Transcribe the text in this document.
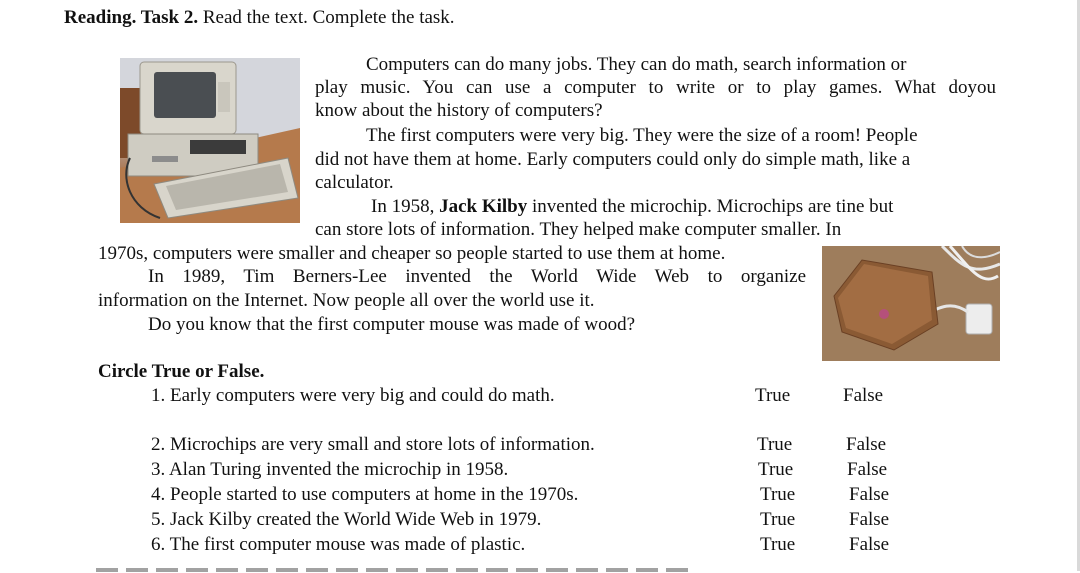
Reading. Task 2. Read the text. Complete the task.
Computers can do many jobs. They can do math, search information or
play music. You can use a computer to write or to play games. What doyou
know about the history of computers?
The first computers were very big. They were the size of a room! People
did not have them at home. Early computers could only do simple math, like a
calculator.
In 1958, Jack Kilby invented the microchip. Microchips are tine but
can store lots of information. They helped make computer smaller. In
1970s, computers were smaller and cheaper so people started to use them at home.
In 1989, Tim Berners-Lee invented the World Wide Web to organize
information on the Internet. Now people all over the world use it.
Do you know that the first computer mouse was made of wood?
Circle True or False.
1. Early computers were very big and could do math.	True	False
2. Microchips are very small and store lots of information.	True	False
3. Alan Turing invented the microchip in 1958.	True	False
4. People started to use computers at home in the 1970s.	True	False
5. Jack Kilby created the World Wide Web in 1979.	True	False
6. The first computer mouse was made of plastic.	True	False
